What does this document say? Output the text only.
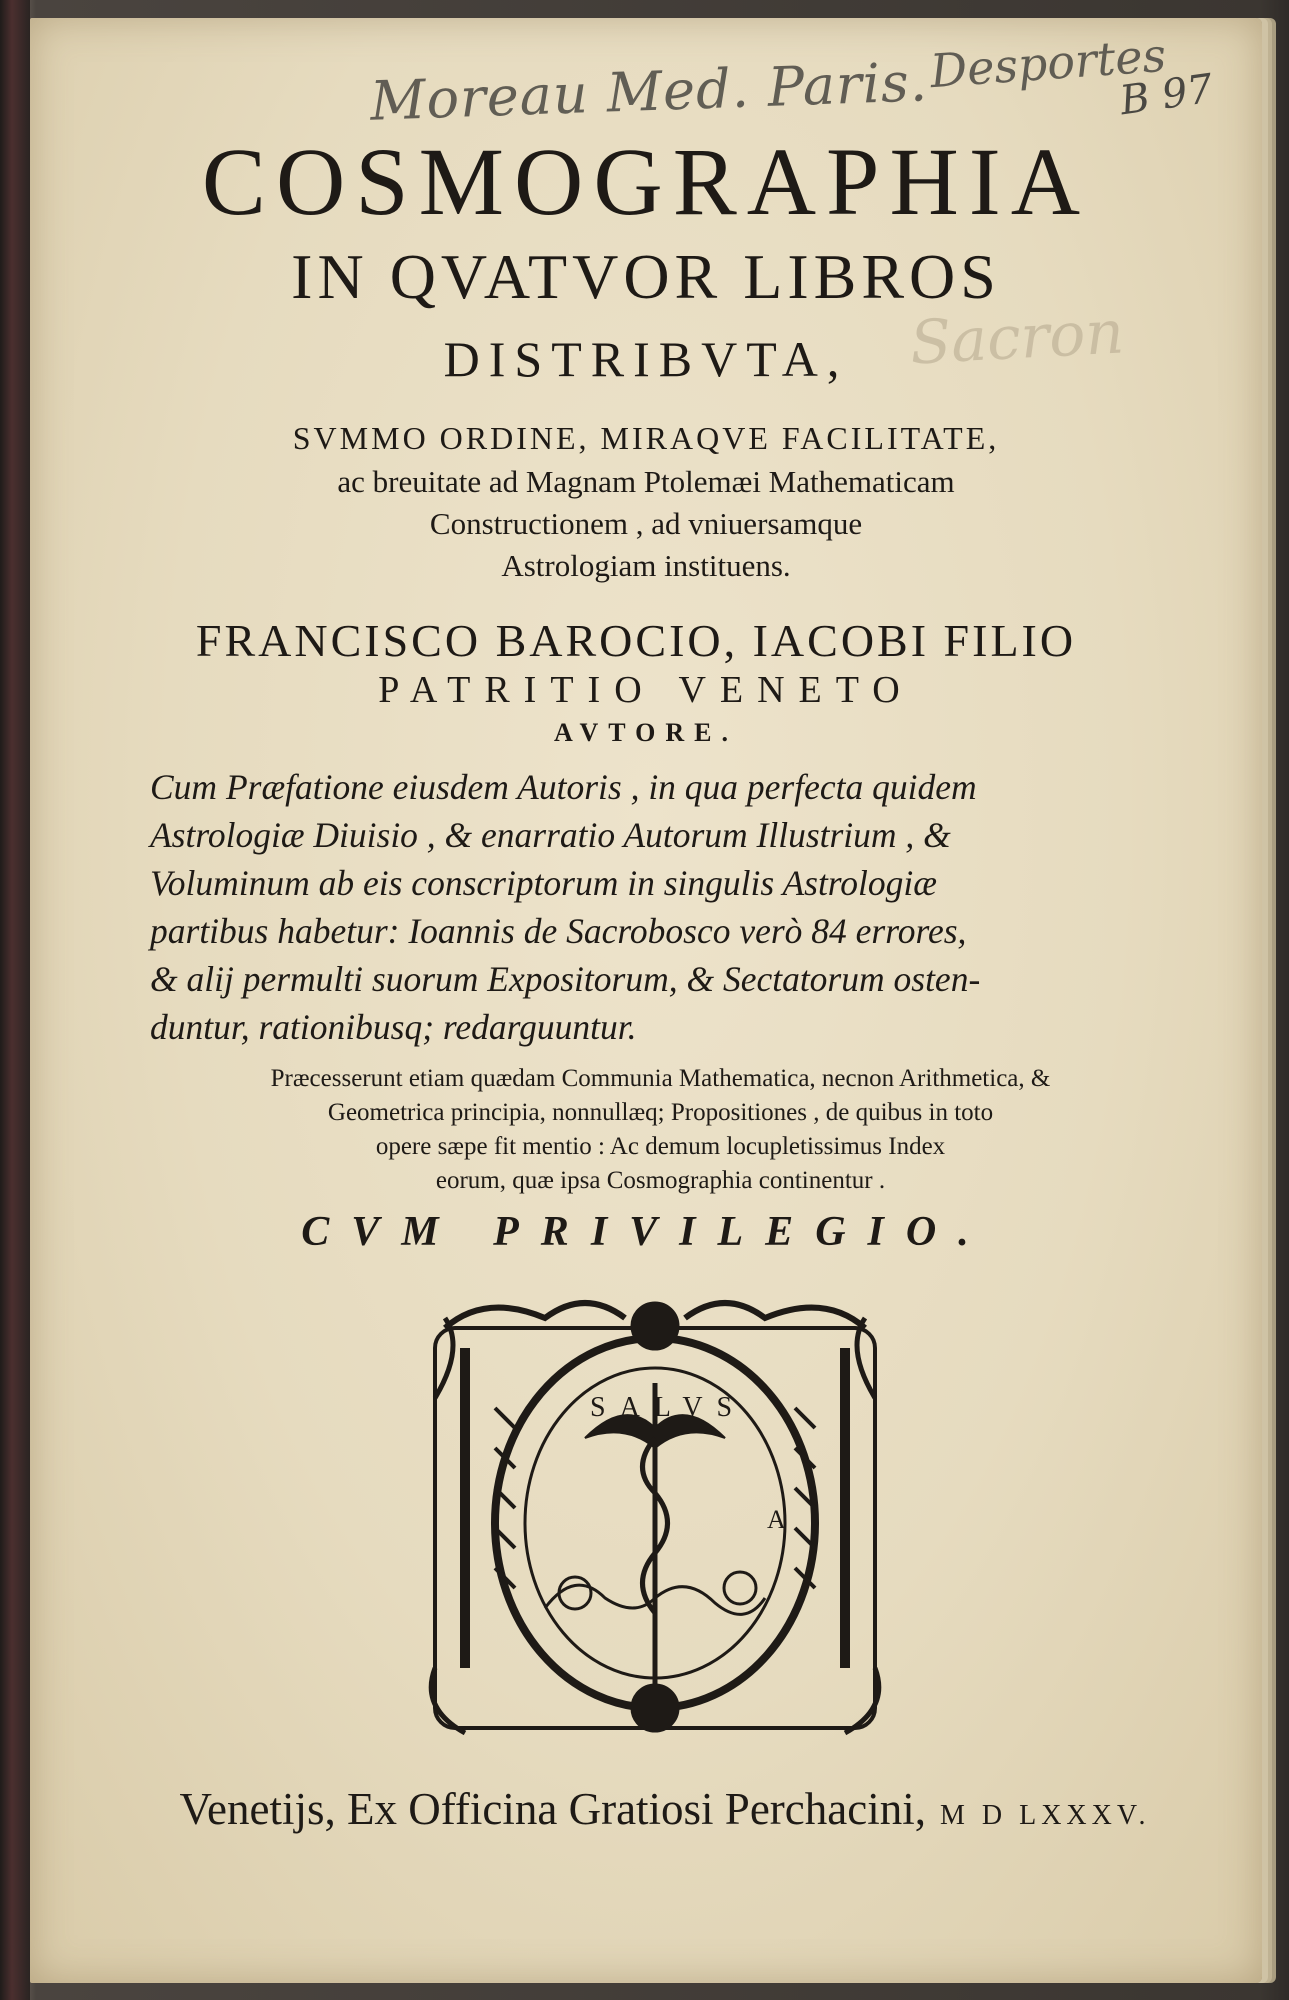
Moreau Med. Paris. Desportes
B 97
Sacron
COSMOGRAPHIA
IN QVATVOR LIBROS
DISTRIBVTA,
SVMMO ORDINE, MIRAQVE FACILITATE,
ac breuitate ad Magnam Ptolemæi Mathematicam
Constructionem , ad vniuersamque
Astrologiam instituens.
FRANCISCO BAROCIO, IACOBI FILIO
PATRITIO VENETO
AVTORE.

Cum Præfatione eiusdem Autoris , in qua perfecta quidem

Astrologiæ Diuisio , & enarratio Autorum Illustrium , &

Voluminum ab eis conscriptorum in singulis Astrologiæ

partibus habetur: Ioannis de Sacrobosco verò 84 errores,

& alij permulti suorum Expositorum, & Sectatorum osten-

duntur, rationibusq; redarguuntur.

Præcesserunt etiam quædam Communia Mathematica, necnon Arithmetica, &

Geometrica principia, nonnullæq; Propositiones , de quibus in toto

opere sæpe fit mentio : Ac demum locupletissimus Index

eorum, quæ ipsa Cosmographia continentur .

CVM PRIVILEGIO.
SALVS
A
Venetijs, Ex Officina Gratiosi Perchacini, M D LXXXV.
